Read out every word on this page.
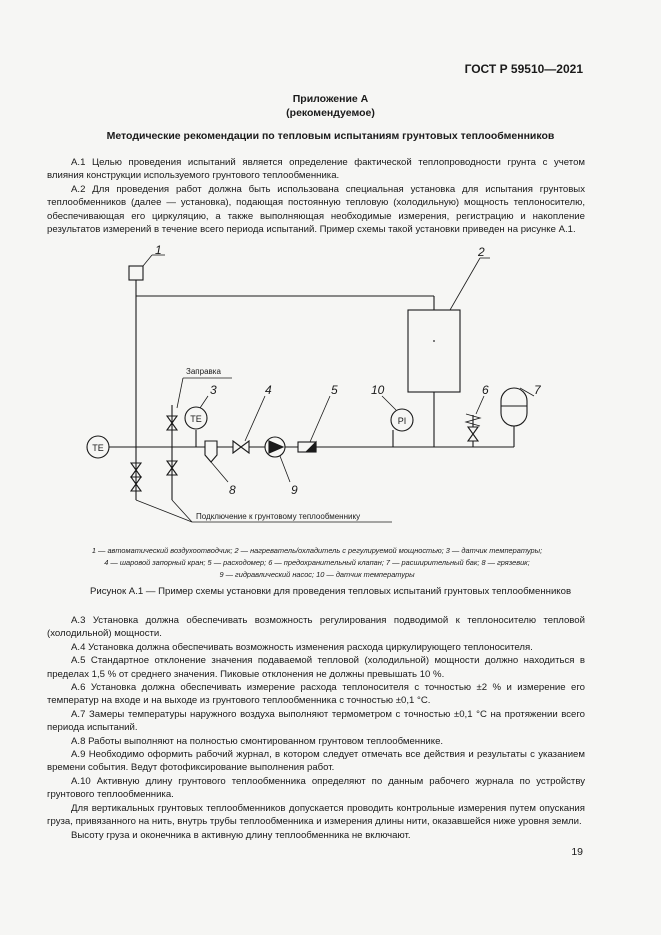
ГОСТ Р 59510—2021
Приложение А
(рекомендуемое)
Методические рекомендации по тепловым испытаниям грунтовых теплообменников

А.1 Целью проведения испытаний является определение фактической теплопроводности грунта с учетом влияния конструкции используемого грунтового теплообменника.

А.2 Для проведения работ должна быть использована специальная установка для испытания грунтовых теплообменников (далее — установка), подающая постоянную тепловую (холодильную) мощность теплоносителю, обеспечивающая его циркуляцию, а также выполняющая необходимые измерения, регистрацию и накопление результатов измерений в течение всего периода испытаний. Пример схемы такой установки приведен на рисунке А.1.

TE
TE	PI
Заправка
Подключение к грунтовому теплообменнику
1	2
3	4	5	10	6	7
8	9
1 — автоматический воздухоотводчик; 2 — нагреватель/охладитель с регулируемой мощностью; 3 — датчик температуры;
4 — шаровой запорный кран; 5 — расходомер; 6 — предохранительный клапан; 7 — расширительный бак; 8 — грязевик;
9 — гидравлический насос; 10 — датчик температуры
Рисунок А.1 — Пример схемы установки для проведения тепловых испытаний грунтовых теплообменников

А.3 Установка должна обеспечивать возможность регулирования подводимой к теплоносителю тепловой (холодильной) мощности.

А.4 Установка должна обеспечивать возможность изменения расхода циркулирующего теплоносителя.

А.5 Стандартное отклонение значения подаваемой тепловой (холодильной) мощности должно находиться в пределах 1,5 % от среднего значения. Пиковые отклонения не должны превышать 10 %.

А.6 Установка должна обеспечивать измерение расхода теплоносителя с точностью ±2 % и измерение его температур на входе и на выходе из грунтового теплообменника с точностью ±0,1 °С.

А.7 Замеры температуры наружного воздуха выполняют термометром с точностью ±0,1 °С на протяжении всего периода испытаний.

А.8 Работы выполняют на полностью смонтированном грунтовом теплообменнике.

А.9 Необходимо оформить рабочий журнал, в котором следует отмечать все действия и результаты с указанием времени события. Ведут фотофиксирование выполнения работ.

А.10 Активную длину грунтового теплообменника определяют по данным рабочего журнала по устройству грунтового теплообменника.

Для вертикальных грунтовых теплообменников допускается проводить контрольные измерения путем опускания груза, привязанного на нить, внутрь трубы теплообменника и измерения длины нити, оказавшейся ниже уровня земли.

Высоту груза и оконечника в активную длину теплообменника не включают.

19
